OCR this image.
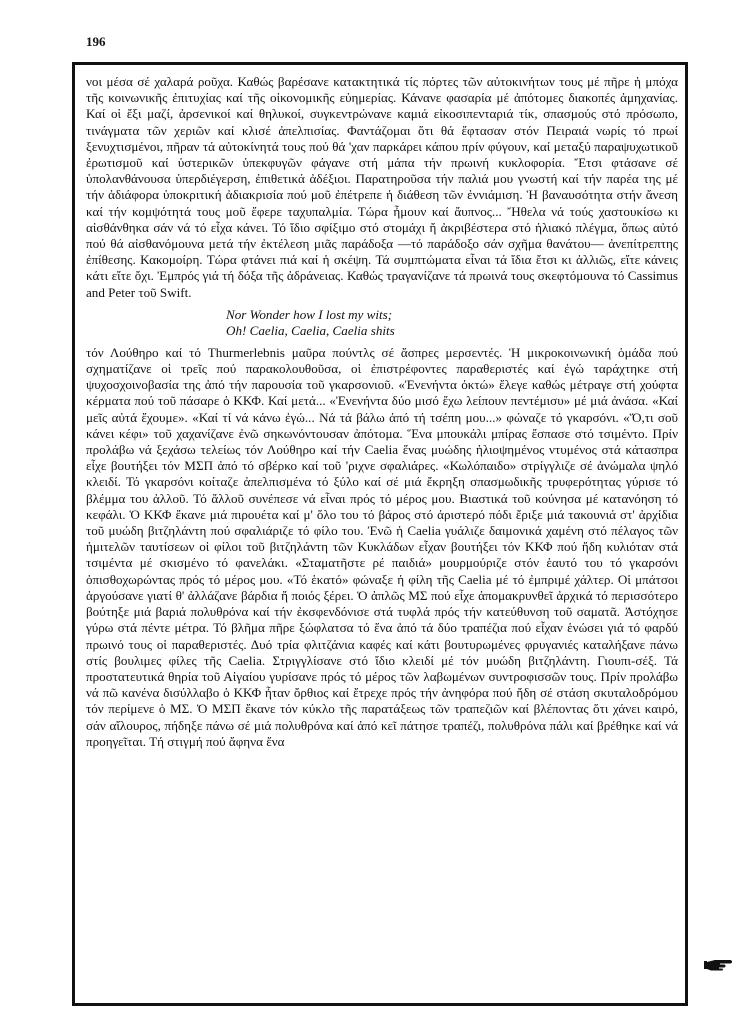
196

νοι μέσα σέ χαλαρά ροῦχα. Καθώς βαρέσανε κατακτητικά τίς πόρτες τῶν αὐτοκινήτων τους μέ πῆρε ἡ μπόχα τῆς κοινωνικῆς ἐπιτυχίας καί τῆς οἰκονομικῆς εὐημερίας. Κάνανε φασαρία μέ ἀπότομες διακοπές ἀμηχανίας. Καί οἱ ἔξι μαζί, ἀρσενικοί καί θηλυκοί, συγκεντρώνανε καμιά εἰκοσιπενταριά τίκ, σπασμούς στό πρόσωπο, τινάγματα τῶν χεριῶν καί κλισέ ἀπελπισίας. Φαντάζομαι ὅτι θά ἔφτασαν στόν Πειραιά νωρίς τό πρωί ξενυχτισμένοι, πῆραν τά αὐτοκίνητά τους πού θά 'χαν παρκάρει κάπου πρίν φύγουν, καί μεταξύ παραψυχωτικοῦ ἐρωτισμοῦ καί ὑστερικῶν ὑπεκφυγῶν φάγανε στή μάπα τήν πρωινή κυκλοφορία. Ἔτσι φτάσανε σέ ὑπολανθάνουσα ὑπερδιέγερση, ἐπιθετικά ἀδέξιοι. Παρατηροῦσα τήν παλιά μου γνωστή καί τήν παρέα της μέ τήν ἀδιάφορα ὑποκριτική ἀδιακρισία πού μοῦ ἐπέτρεπε ἡ διάθεση τῶν ἐννιάμιση. Ἡ βαναυσότητα στήν ἄνεση καί τήν κομψότητά τους μοῦ ἔφερε ταχυπαλμία. Τώρα ἦμουν καί ἄυπνος... Ἤθελα νά τούς χαστουκίσω κι αἰσθάνθηκα σάν νά τό εἶχα κάνει. Τό ἴδιο σφίξιμο στό στομάχι ἤ ἀκριβέστερα στό ἡλιακό πλέγμα, ὅπως αὐτό πού θά αἰσθανόμουνα μετά τήν ἐκτέλεση μιᾶς παράδοξα —τό παράδοξο σάν σχῆμα θανάτου— ἀνεπίτρεπτης ἐπίθεσης. Κακομοίρη. Τώρα φτάνει πιά καί ἡ σκέψη. Τά συμπτώματα εἶναι τά ἴδια ἔτσι κι ἀλλιῶς, εἴτε κάνεις κάτι εἴτε ὄχι. Ἐμπρός γιά τή δόξα τῆς ἀδράνειας. Καθώς τραγανίζανε τά πρωινά τους σκεφτόμουνα τό Cassimus and Peter τοῦ Swift.

Nor Wonder how I lost my wits;
Oh! Caelia, Caelia, Caelia shits

τόν Λούθηρο καί τό Thurmerlebnis μαῦρα πούντλς σέ ἄσπρες μερσεντές. Ἡ μικροκοινωνική ὁμάδα πού σχηματίζανε οἱ τρεῖς πού παρακολουθοῦσα, οἱ ἐπιστρέφοντες παραθεριστές καί ἐγώ ταράχτηκε στή ψυχοσχοινοβασία της ἀπό τήν παρουσία τοῦ γκαρσονιοῦ. «Ἐνενήντα ὀκτώ» ἔλεγε καθώς μέτραγε στή χούφτα κέρματα πού τοῦ πάσαρε ὁ ΚΚΦ. Καί μετά... «Ἐνενήντα δύο μισό ἔχω λείπουν πεντέμισυ» μέ μιά ἀνάσα. «Καί μεῖς αὐτά ἔχουμε». «Καί τί νά κάνω ἐγώ... Νά τά βάλω ἀπό τή τσέπη μου...» φώναζε τό γκαρσόνι. «Ὅ,τι σοῦ κάνει κέφι» τοῦ χαχανίζανε ἐνῶ σηκωνόντουσαν ἀπότομα. Ἕνα μπουκάλι μπίρας ἔσπασε στό τσιμέντο. Πρίν προλάβω νά ξεχάσω τελείως τόν Λούθηρο καί τήν Caelia ἕνας μυώδης ἡλιοψημένος ντυμένος στά κάτασπρα εἶχε βουτήξει τόν ΜΣΠ ἀπό τό σβέρκο καί τοῦ 'ριχνε σφαλιάρες. «Κωλόπαιδο» στρίγγλιζε σέ ἀνώμαλα ψηλό κλειδί. Τό γκαρσόνι κοίταζε ἀπελπισμένα τό ξύλο καί σέ μιά ἔκρηξη σπασμωδικῆς τρυφερότητας γύρισε τό βλέμμα του ἀλλοῦ. Τό ἄλλοῦ συνέπεσε νά εἶναι πρός τό μέρος μου. Βιαστικά τοῦ κούνησα μέ κατανόηση τό κεφάλι. Ὁ ΚΚΦ ἔκανε μιά πιρουέτα καί μ' ὅλο του τό βάρος στό ἀριστερό πόδι ἔριξε μιά τακουνιά στ' ἀρχίδια τοῦ μυώδη βιτζηλάντη πού σφαλιάριζε τό φίλο του. Ἐνῶ ἡ Caelia γυάλιζε δαιμονικά χαμένη στό πέλαγος τῶν ἡμιτελῶν ταυτίσεων οἱ φίλοι τοῦ βιτζηλάντη τῶν Κυκλάδων εἶχαν βουτήξει τόν ΚΚΦ πού ἤδη κυλιόταν στά τσιμέντα μέ σκισμένο τό φανελάκι. «Σταματῆστε ρέ παιδιά» μουρμούριζε στόν ἑαυτό του τό γκαρσόνι ὀπισθοχωρώντας πρός τό μέρος μου. «Τό ἑκατό» φώναξε ἡ φίλη τῆς Caelia μέ τό ἐμπριμέ χάλτερ. Οἱ μπάτσοι ἀργούσανε γιατί θ' ἀλλάζανε βάρδια ἤ ποιός ξέρει. Ὁ ἀπλῶς ΜΣ πού εἶχε ἀπομακρυνθεῖ ἀρχικά τό περισσότερο βούτηξε μιά βαριά πολυθρόνα καί τήν ἐκσφενδόνισε στά τυφλά πρός τήν κατεύθυνση τοῦ σαματᾶ. Ἀστόχησε γύρω στά πέντε μέτρα. Τό βλῆμα πῆρε ξώφλατσα τό ἕνα ἀπό τά δύο τραπέζια πού εἶχαν ἑνώσει γιά τό φαρδύ πρωινό τους οἱ παραθεριστές. Δυό τρία φλιτζάνια καφές καί κάτι βουτυρωμένες φρυγανιές καταλήξανε πάνω στίς βουλιμες φίλες τῆς Caelia. Στριγγλίσανε στό ἴδιο κλειδί μέ τόν μυώδη βιτζηλάντη. Γιουπι-σέξ. Τά προστατευτικά θηρία τοῦ Αἰγαίου γυρίσανε πρός τό μέρος τῶν λαβωμένων συντροφισσῶν τους. Πρίν προλάβω νά πῶ κανένα δισύλλαβο ὁ ΚΚΦ ἦταν ὄρθιος καί ἔτρεχε πρός τήν ἀνηφόρα πού ἤδη σέ στάση σκυταλοδρόμου τόν περίμενε ὁ ΜΣ. Ὁ ΜΣΠ ἔκανε τόν κύκλο τῆς παρατάξεως τῶν τραπεζιῶν καί βλέποντας ὅτι χάνει καιρό, σάν αἴλουρος, πήδηξε πάνω σέ μιά πολυθρόνα καί ἀπό κεῖ πάτησε τραπέζι, πολυθρόνα πάλι καί βρέθηκε καί νά προηγεῖται. Τή στιγμή πού ἄφηνα ἕνα
